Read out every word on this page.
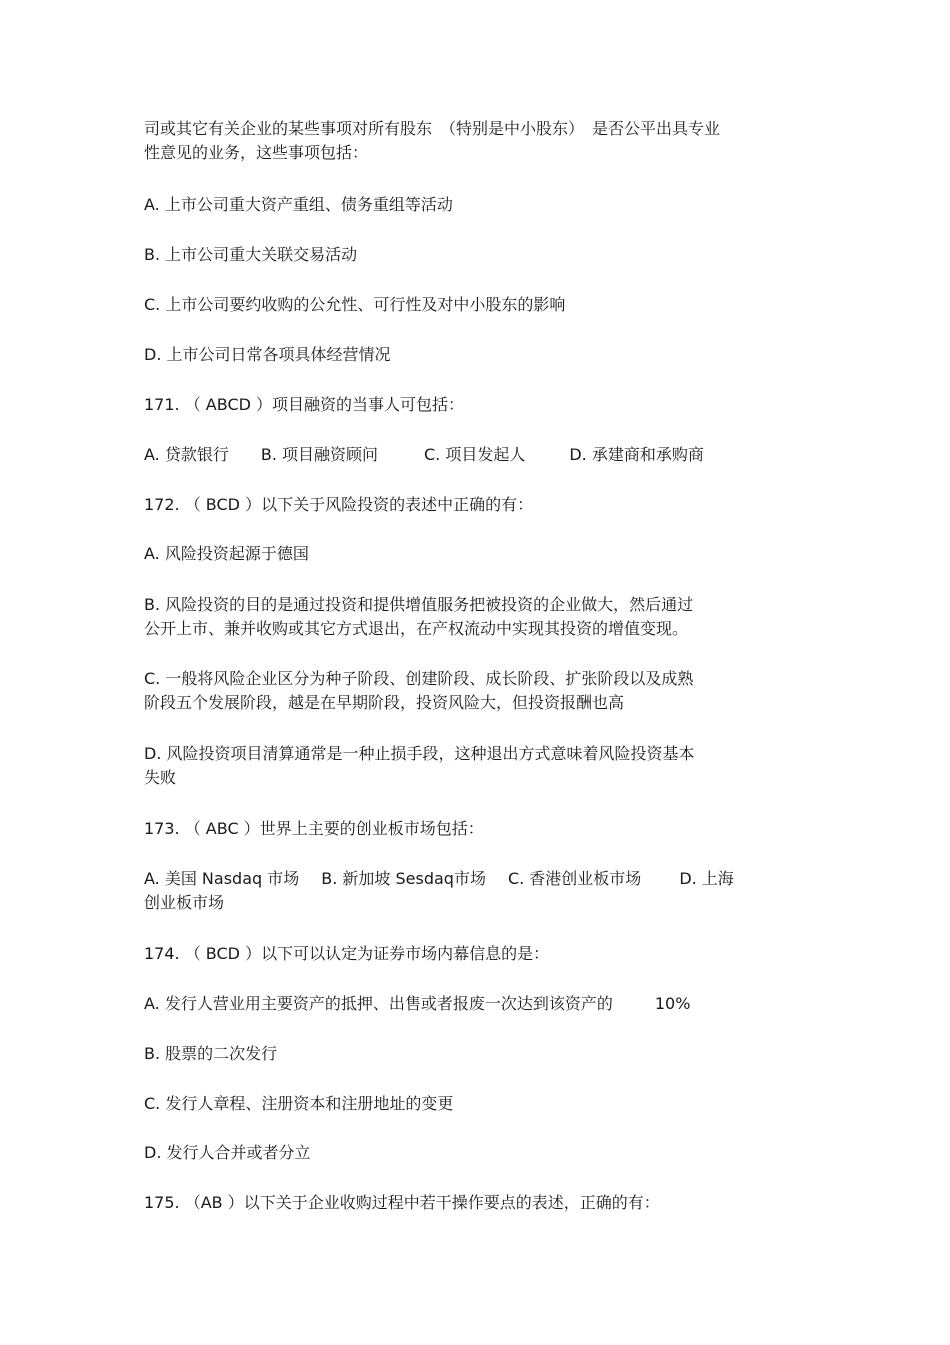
司或其它有关企业的某些事项对所有股东　（特别是中小股东）　是否公平出具专业
性意见的业务，这些事项包括：
A. 上市公司重大资产重组、债务重组等活动
B. 上市公司重大关联交易活动
C. 上市公司要约收购的公允性、可行性及对中小股东的影响
D. 上市公司日常各项具体经营情况
171. （ ABCD ）项目融资的当事人可包括：
A. 贷款银行 B. 项目融资顾问	C. 项目发起人	D. 承建商和承购商
172. （ BCD ）以下关于风险投资的表述中正确的有：
A. 风险投资起源于德国
B. 风险投资的目的是通过投资和提供增值服务把被投资的企业做大，然后通过
公开上市、兼并收购或其它方式退出，在产权流动中实现其投资的增值变现。
C. 一般将风险企业区分为种子阶段、创建阶段、成长阶段、扩张阶段以及成熟
阶段五个发展阶段，越是在早期阶段，投资风险大，但投资报酬也高
D. 风险投资项目清算通常是一种止损手段，这种退出方式意味着风险投资基本
失败
173. （ ABC ）世界上主要的创业板市场包括：
A. 美国 Nasdaq 市场 B. 新加坡 Sesdaq市场 C. 香港创业板市场 D. 上海
创业板市场
174. （ BCD ）以下可以认定为证券市场内幕信息的是：
A. 发行人营业用主要资产的抵押、出售或者报废一次达到该资产的	10%
B. 股票的二次发行
C. 发行人章程、注册资本和注册地址的变更
D. 发行人合并或者分立
175. （AB ）以下关于企业收购过程中若干操作要点的表述，正确的有：
